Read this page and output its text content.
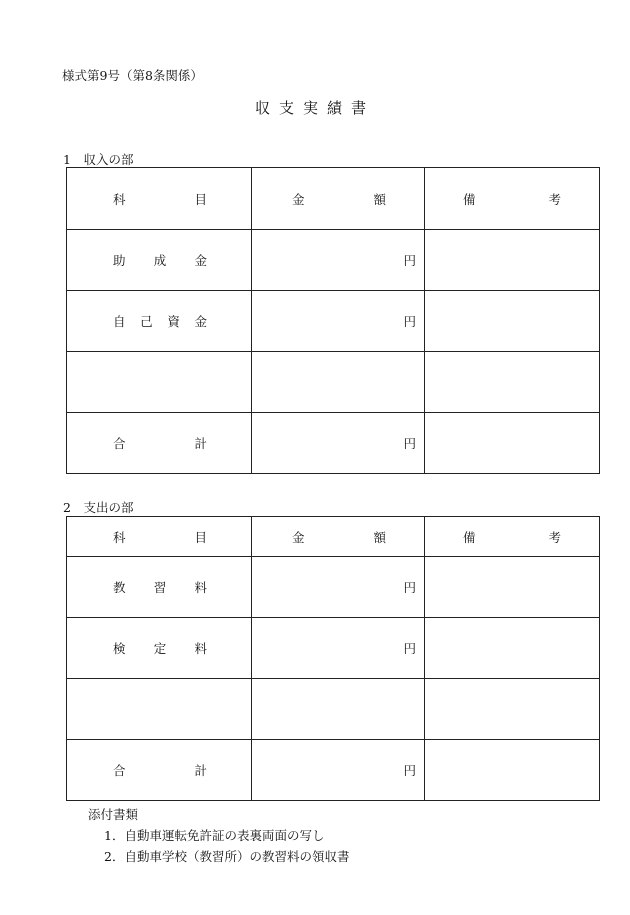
様式第9号（第8条関係）
収支実績書
1　収入の部
科目	金額	備考
助成金	円	
自己資金	円	

合計	円	
2　支出の部
科目	金額	備考
教習料	円	
検定料	円	

合計	円	
添付書類
1．自動車運転免許証の表裏両面の写し
2．自動車学校（教習所）の教習料の領収書
